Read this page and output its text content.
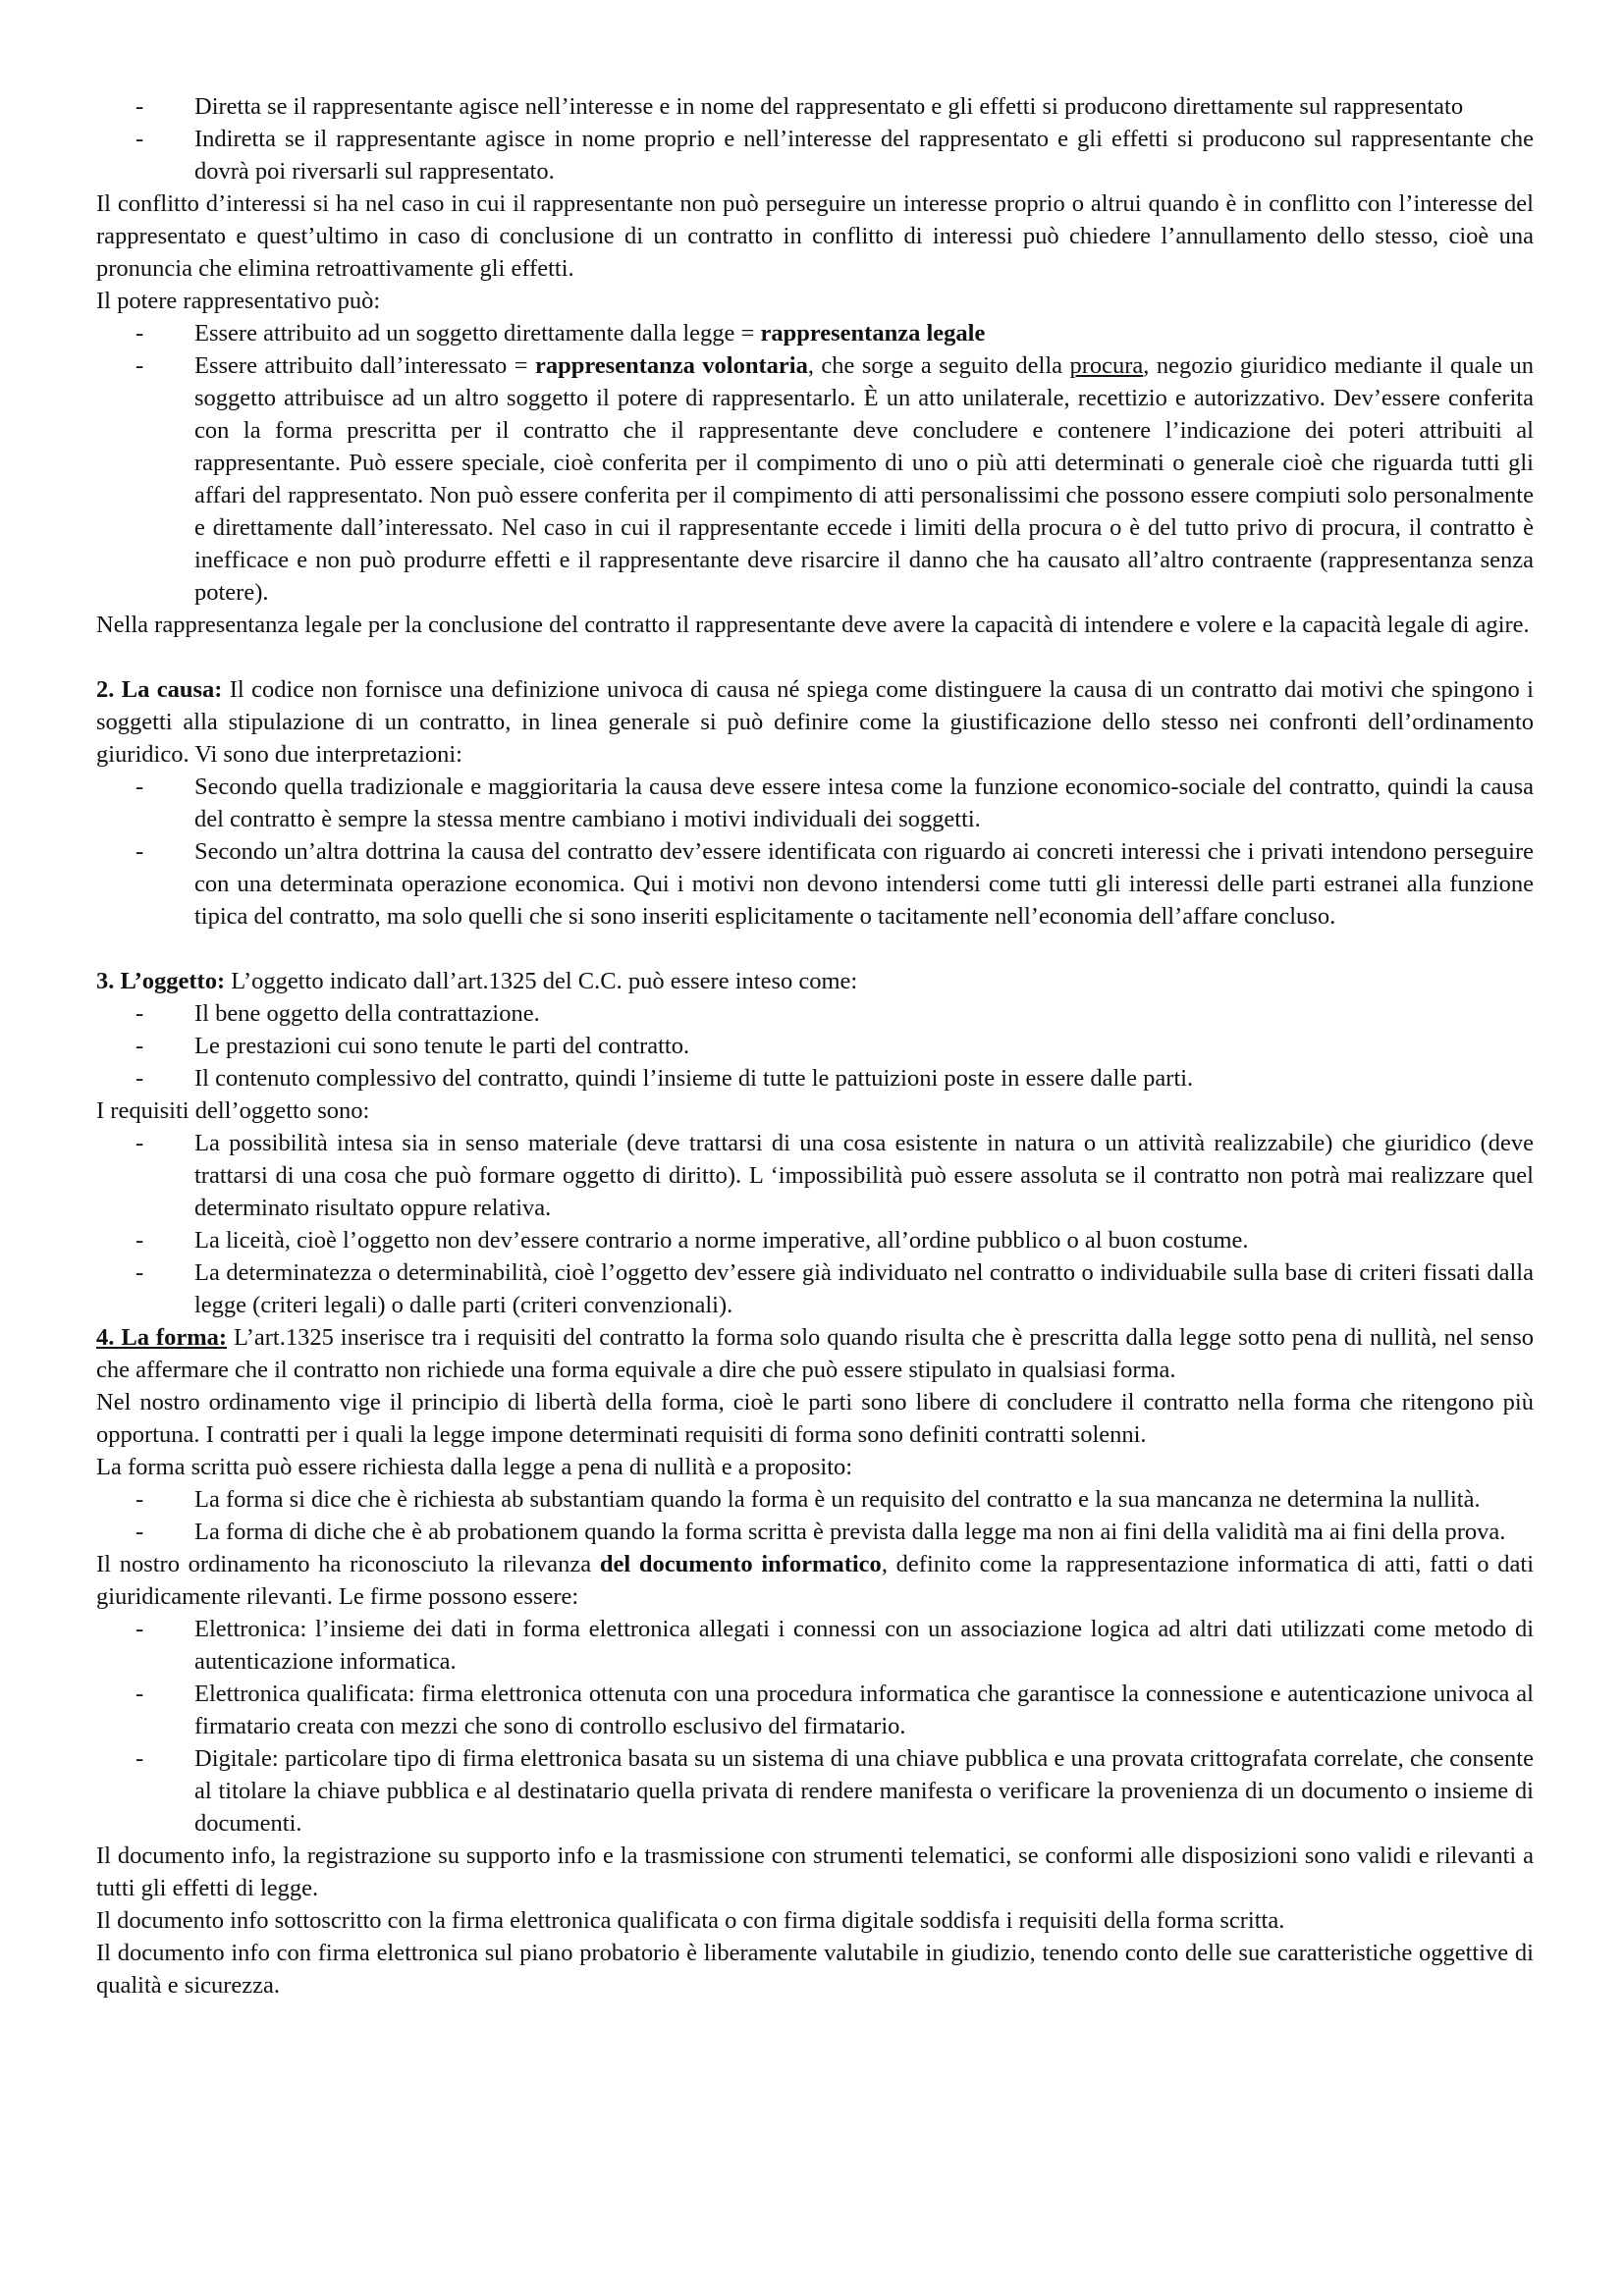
- Diretta se il rappresentante agisce nell’interesse e in nome del rappresentato e gli effetti si producono direttamente sul rappresentato
- Indiretta se il rappresentante agisce in nome proprio e nell’interesse del rappresentato e gli effetti si producono sul rappresentante che dovrà poi riversarli sul rappresentato.

Il conflitto d’interessi si ha nel caso in cui il rappresentante non può perseguire un interesse proprio o altrui quando è in conflitto con l’interesse del rappresentato e quest’ultimo in caso di conclusione di un contratto in conflitto di interessi può chiedere l’annullamento dello stesso, cioè una pronuncia che elimina retroattivamente gli effetti.

Il potere rappresentativo può:

- Essere attribuito ad un soggetto direttamente dalla legge = rappresentanza legale
- Essere attribuito dall’interessato = rappresentanza volontaria, che sorge a seguito della procura, negozio giuridico mediante il quale un soggetto attribuisce ad un altro soggetto il potere di rappresentarlo. È un atto unilaterale, recettizio e autorizzativo. Dev’essere conferita con la forma prescritta per il contratto che il rappresentante deve concludere e contenere l’indicazione dei poteri attribuiti al rappresentante. Può essere speciale, cioè conferita per il compimento di uno o più atti determinati o generale cioè che riguarda tutti gli affari del rappresentato. Non può essere conferita per il compimento di atti personalissimi che possono essere compiuti solo personalmente e direttamente dall’interessato. Nel caso in cui il rappresentante eccede i limiti della procura o è del tutto privo di procura, il contratto è inefficace e non può produrre effetti e il rappresentante deve risarcire il danno che ha causato all’altro contraente (rappresentanza senza potere).

Nella rappresentanza legale per la conclusione del contratto il rappresentante deve avere la capacità di intendere e volere e la capacità legale di agire.

2. La causa: Il codice non fornisce una definizione univoca di causa né spiega come distinguere la causa di un contratto dai motivi che spingono i soggetti alla stipulazione di un contratto, in linea generale si può definire come la giustificazione dello stesso nei confronti dell’ordinamento giuridico. Vi sono due interpretazioni:

- Secondo quella tradizionale e maggioritaria la causa deve essere intesa come la funzione economico-sociale del contratto, quindi la causa del contratto è sempre la stessa mentre cambiano i motivi individuali dei soggetti.
- Secondo un’altra dottrina la causa del contratto dev’essere identificata con riguardo ai concreti interessi che i privati intendono perseguire con una determinata operazione economica. Qui i motivi non devono intendersi come tutti gli interessi delle parti estranei alla funzione tipica del contratto, ma solo quelli che si sono inseriti esplicitamente o tacitamente nell’economia dell’affare concluso.

3. L’oggetto: L’oggetto indicato dall’art.1325 del C.C. può essere inteso come:

- Il bene oggetto della contrattazione.
- Le prestazioni cui sono tenute le parti del contratto.
- Il contenuto complessivo del contratto, quindi l’insieme di tutte le pattuizioni poste in essere dalle parti.

I requisiti dell’oggetto sono:

- La possibilità intesa sia in senso materiale (deve trattarsi di una cosa esistente in natura o un attività realizzabile) che giuridico (deve trattarsi di una cosa che può formare oggetto di diritto). L ‘impossibilità può essere assoluta se il contratto non potrà mai realizzare quel determinato risultato oppure relativa.
- La liceità, cioè l’oggetto non dev’essere contrario a norme imperative, all’ordine pubblico o al buon costume.
- La determinatezza o determinabilità, cioè l’oggetto dev’essere già individuato nel contratto o individuabile sulla base di criteri fissati dalla legge (criteri legali) o dalle parti (criteri convenzionali).

4. La forma: L’art.1325 inserisce tra i requisiti del contratto la forma solo quando risulta che è prescritta dalla legge sotto pena di nullità, nel senso che affermare che il contratto non richiede una forma equivale a dire che può essere stipulato in qualsiasi forma.

Nel nostro ordinamento vige il principio di libertà della forma, cioè le parti sono libere di concludere il contratto nella forma che ritengono più opportuna. I contratti per i quali la legge impone determinati requisiti di forma sono definiti contratti solenni.

La forma scritta può essere richiesta dalla legge a pena di nullità e a proposito:

- La forma si dice che è richiesta ab substantiam quando la forma è un requisito del contratto e la sua mancanza ne determina la nullità.
- La forma di diche che è ab probationem quando la forma scritta è prevista dalla legge ma non ai fini della validità ma ai fini della prova.

Il nostro ordinamento ha riconosciuto la rilevanza del documento informatico, definito come la rappresentazione informatica di atti, fatti o dati giuridicamente rilevanti. Le firme possono essere:

- Elettronica: l’insieme dei dati in forma elettronica allegati i connessi con un associazione logica ad altri dati utilizzati come metodo di autenticazione informatica.
- Elettronica qualificata: firma elettronica ottenuta con una procedura informatica che garantisce la connessione e autenticazione univoca al firmatario creata con mezzi che sono di controllo esclusivo del firmatario.
- Digitale: particolare tipo di firma elettronica basata su un sistema di una chiave pubblica e una provata crittografata correlate, che consente al titolare la chiave pubblica e al destinatario quella privata di rendere manifesta o verificare la provenienza di un documento o insieme di documenti.

Il documento info, la registrazione su supporto info e la trasmissione con strumenti telematici, se conformi alle disposizioni sono validi e rilevanti a tutti gli effetti di legge.

Il documento info sottoscritto con la firma elettronica qualificata o con firma digitale soddisfa i requisiti della forma scritta.

Il documento info con firma elettronica sul piano probatorio è liberamente valutabile in giudizio, tenendo conto delle sue caratteristiche oggettive di qualità e sicurezza.
